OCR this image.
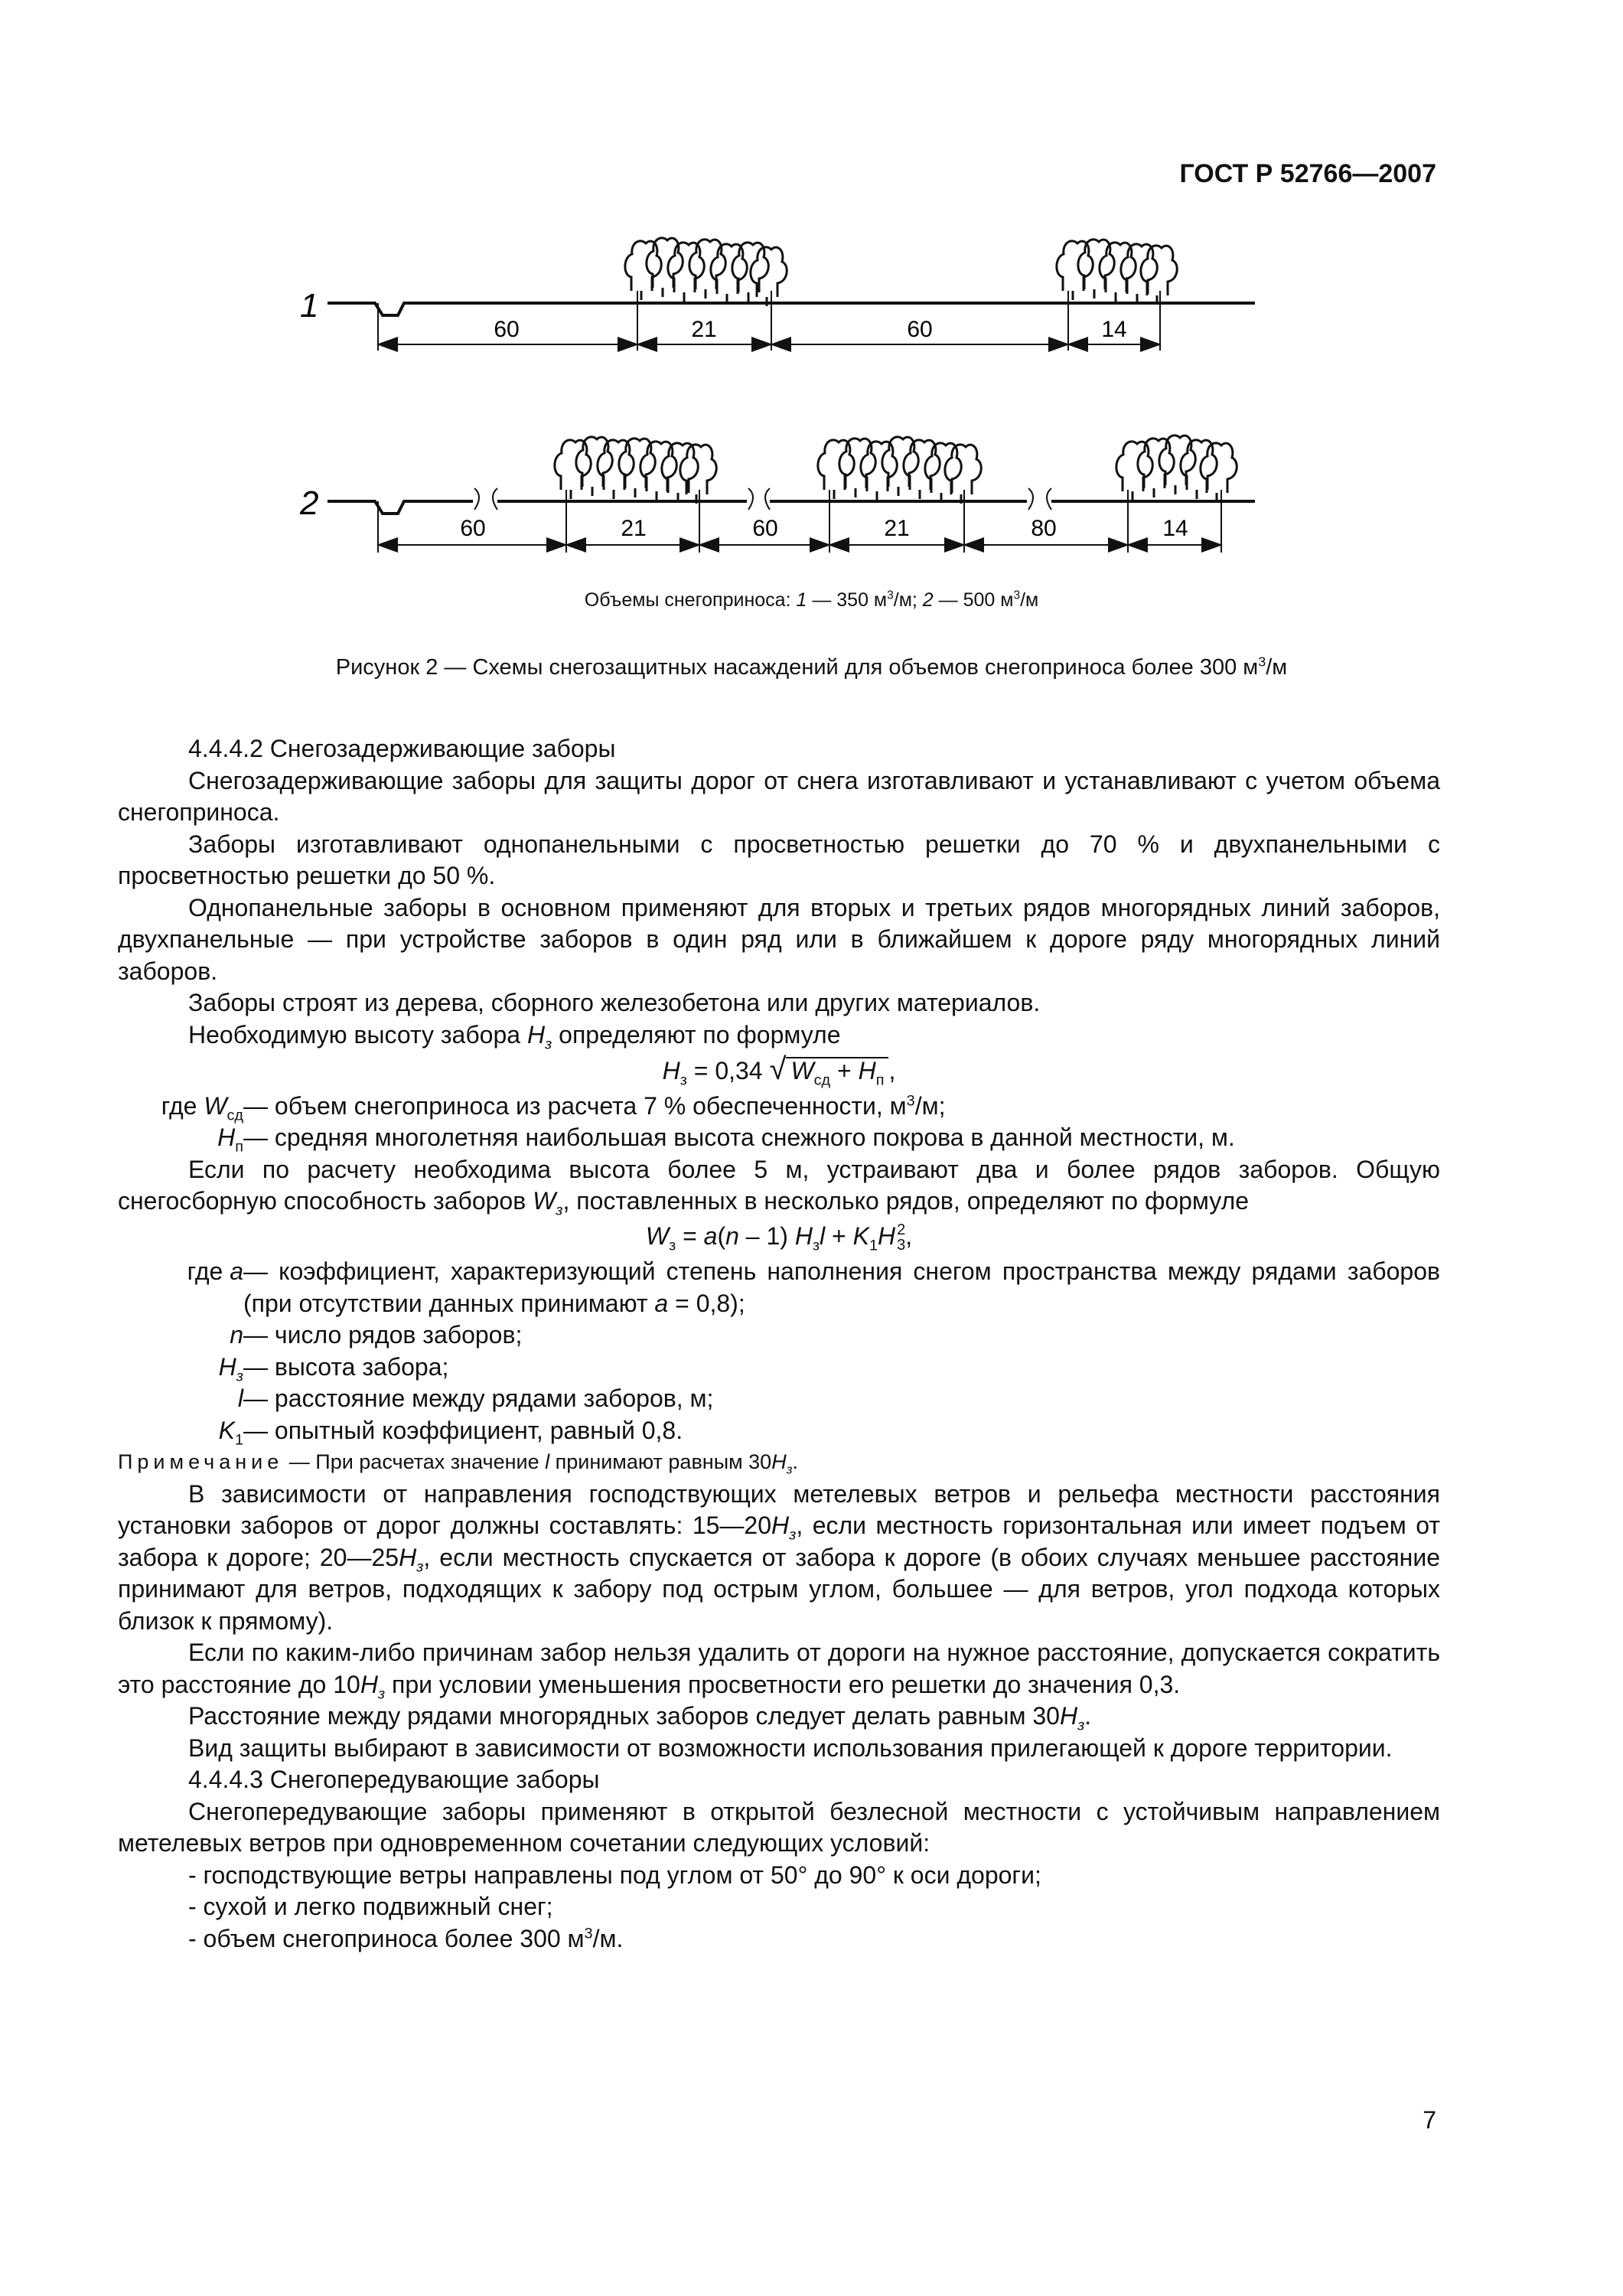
ГОСТ Р 52766—2007
1
60	21	60	14
2
60	21	60	21	80	14
Объемы снегоприноса: 1 — 350 $м^3/м$; 2 — 500 $м^3/м$
Рисунок 2 — Схемы снегозащитных насаждений для объемов снегоприноса более 300 $м^3/м$

4.4.4.2 Снегозадерживающие заборы

Снегозадерживающие заборы для защиты дорог от снега изготавливают и устанавливают с учетом объема снегоприноса.

Заборы изготавливают однопанельными с просветностью решетки до 70 % и двухпанельными с просветностью решетки до 50 %.

Однопанельные заборы в основном применяют для вторых и третьих рядов многорядных линий заборов, двухпанельные — при устройстве заборов в один ряд или в ближайшем к дороге ряду многорядных линий заборов.

Заборы строят из дерева, сборного железобетона или других материалов.

Необходимую высоту забора $H_з$ определяют по формуле

$H_з = 0,34$ √ $W_{сд} + H_п$ ,
где $W_{сд}$ — объем снегоприноса из расчета 7 % обеспеченности, $м^3/м$;
$H_п$ — средняя многолетняя наибольшая высота снежного покрова в данной местности, м.

Если по расчету необходима высота более 5 м, устраивают два и более рядов заборов. Общую снегосборную способность заборов $W_з$, поставленных в несколько рядов, определяют по формуле

$W_з = a(n - 1) H_зl + K_1H$ 2
3 ,
где a — коэффициент, характеризующий степень наполнения снегом пространства между рядами заборов (при отсутствии данных принимают a = 0,8);
n — число рядов заборов;
$H_з$ — высота забора;
l — расстояние между рядами заборов, м;
$K_1$ — опытный коэффициент, равный 0,8.

Примечание — При расчетах значение l принимают равным $30H_з$.

В зависимости от направления господствующих метелевых ветров и рельефа местности расстояния установки заборов от дорог должны составлять: $15—20H_з$, если местность горизонтальная или имеет подъем от забора к дороге; $20—25H_з$, если местность спускается от забора к дороге (в обоих случаях меньшее расстояние принимают для ветров, подходящих к забору под острым углом, большее — для ветров, угол подхода которых близок к прямому).

Если по каким-либо причинам забор нельзя удалить от дороги на нужное расстояние, допускается сократить это расстояние до $10H_з$ при условии уменьшения просветности его решетки до значения 0,3.

Расстояние между рядами многорядных заборов следует делать равным $30H_з$.

Вид защиты выбирают в зависимости от возможности использования прилегающей к дороге территории.

4.4.4.3 Снегопередувающие заборы

Снегопередувающие заборы применяют в открытой безлесной местности с устойчивым направлением метелевых ветров при одновременном сочетании следующих условий:

- господствующие ветры направлены под углом от 50° до 90° к оси дороги;

- сухой и легко подвижный снег;

- объем снегоприноса более 300 $м^3/м$.

7
